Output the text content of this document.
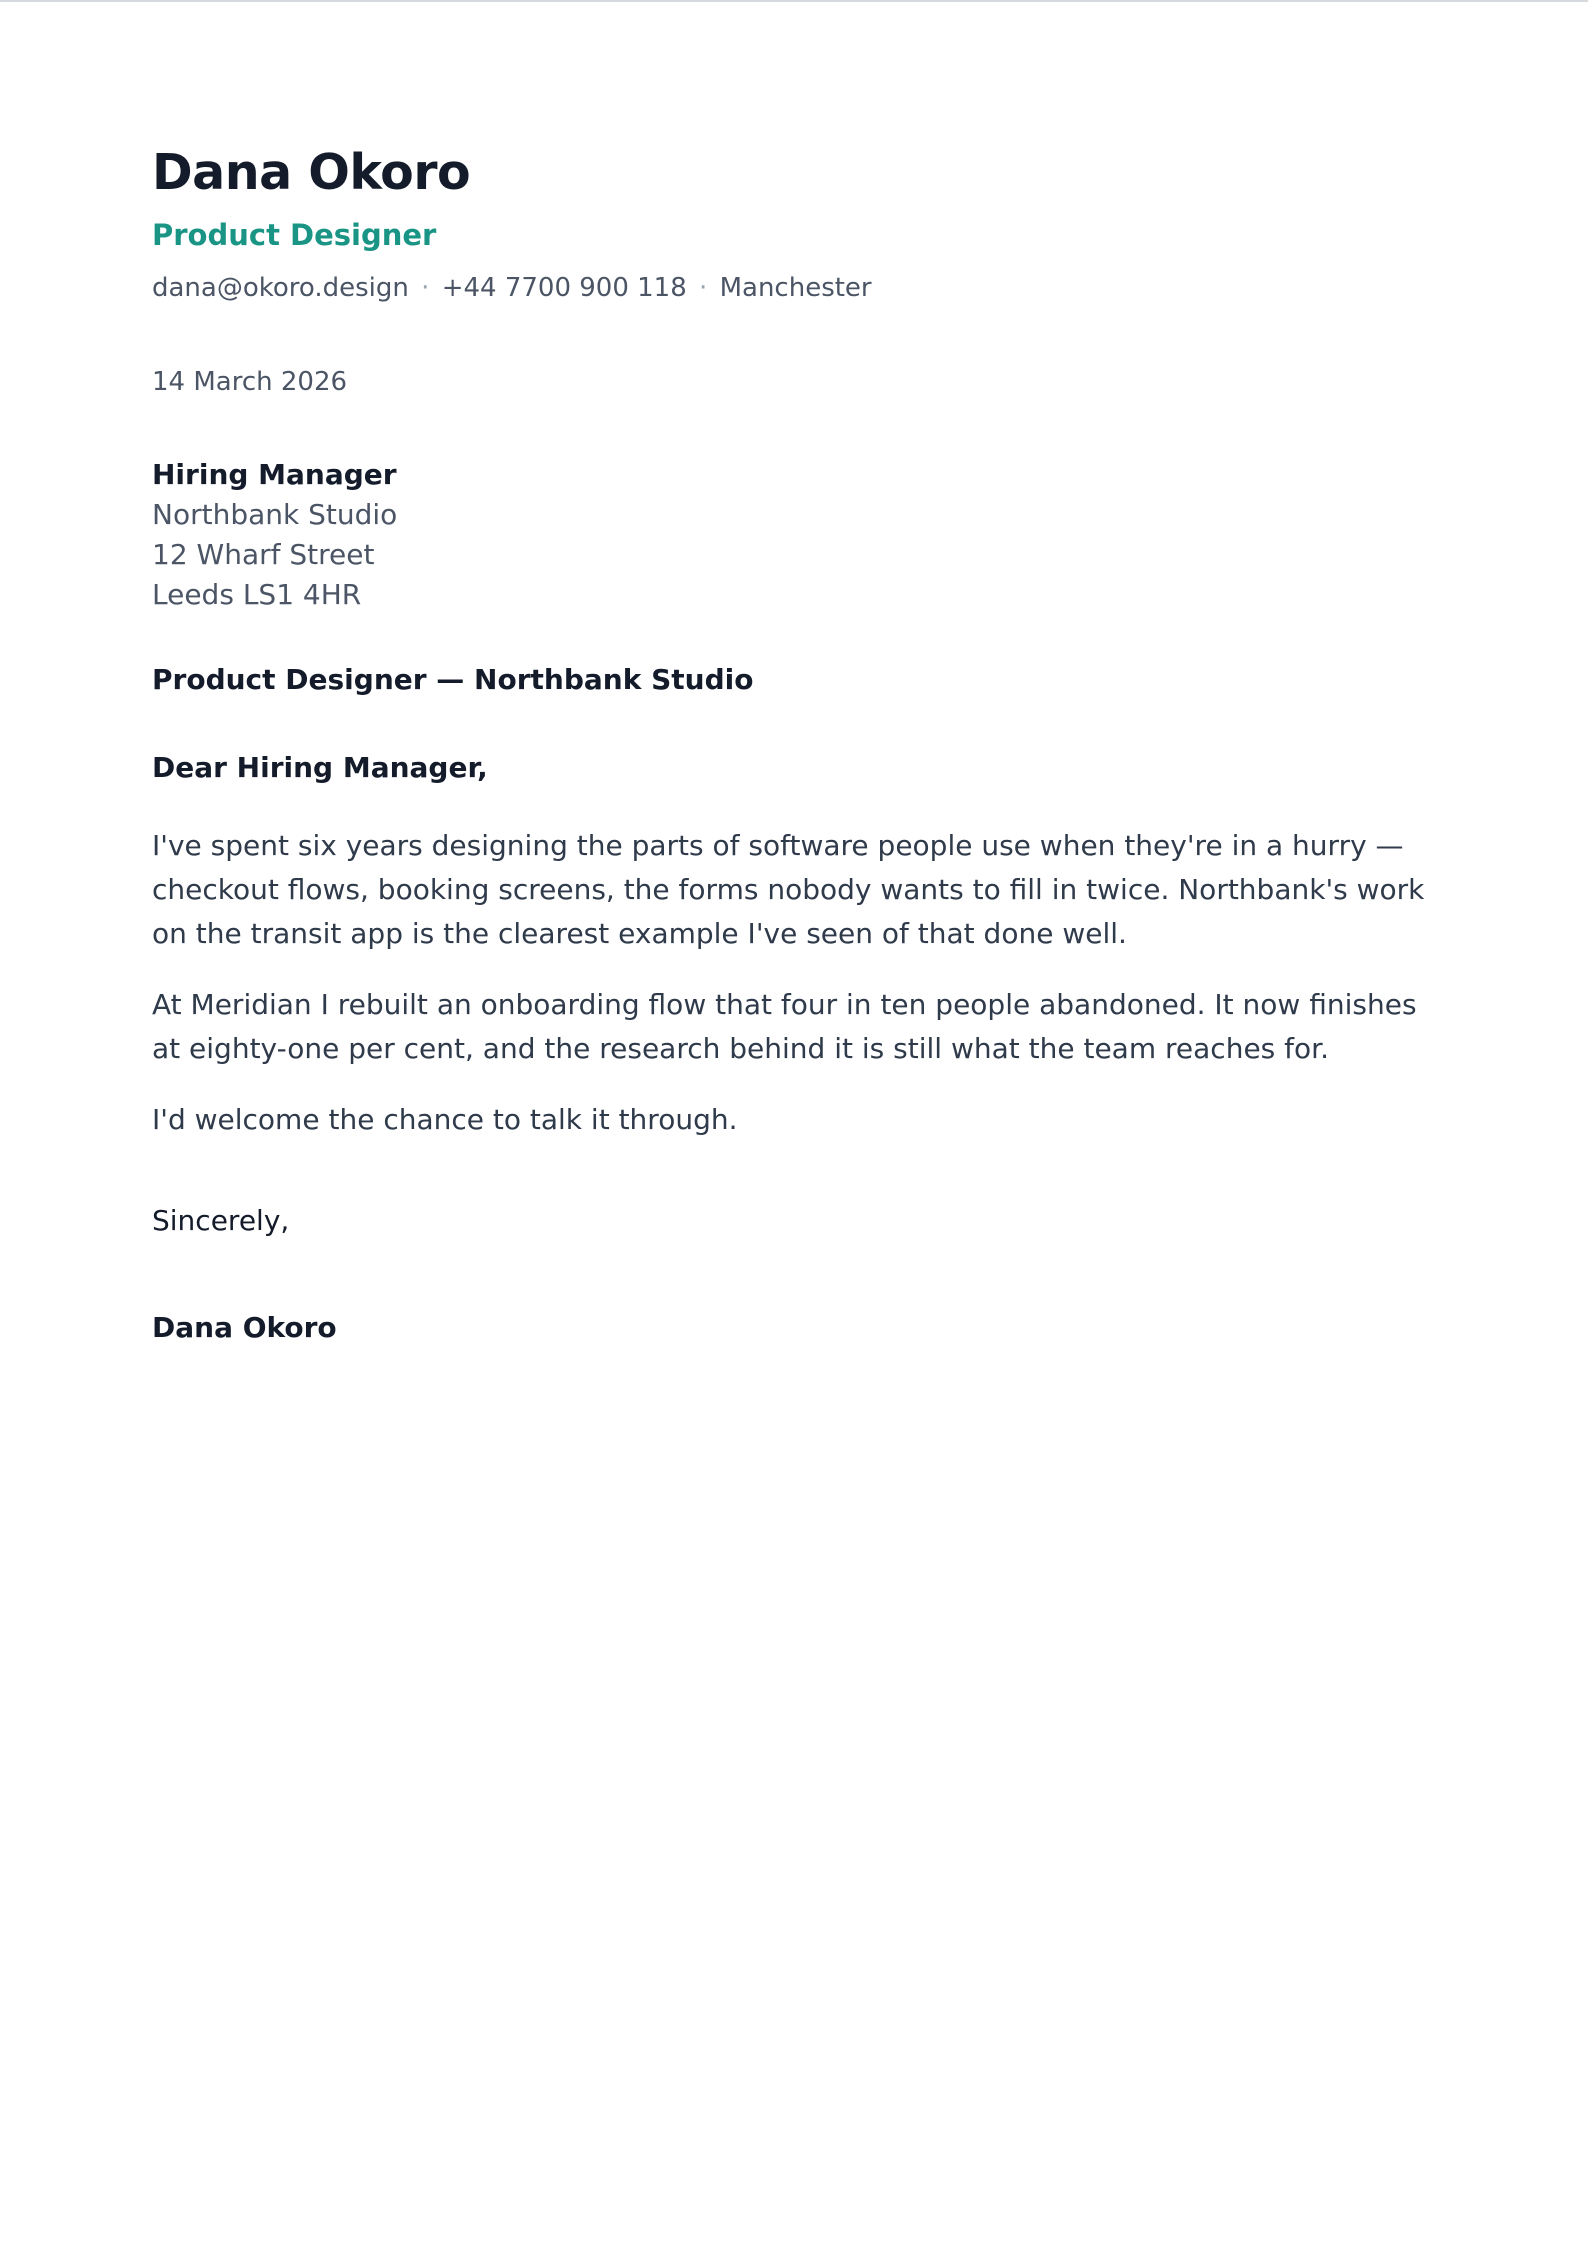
Dana Okoro
Product Designer
dana@okoro.design · +44 7700 900 118 · Manchester
14 March 2026
Hiring Manager
Northbank Studio
12 Wharf Street
Leeds LS1 4HR
Product Designer — Northbank Studio
Dear Hiring Manager,

I've spent six years designing the parts of software people use when they're in a hurry — checkout flows, booking screens, the forms nobody wants to fill in twice. Northbank's work on the transit app is the clearest example I've seen of that done well.

At Meridian I rebuilt an onboarding flow that four in ten people abandoned. It now finishes at eighty-one per cent, and the research behind it is still what the team reaches for.

I'd welcome the chance to talk it through.

Sincerely,
Dana Okoro
